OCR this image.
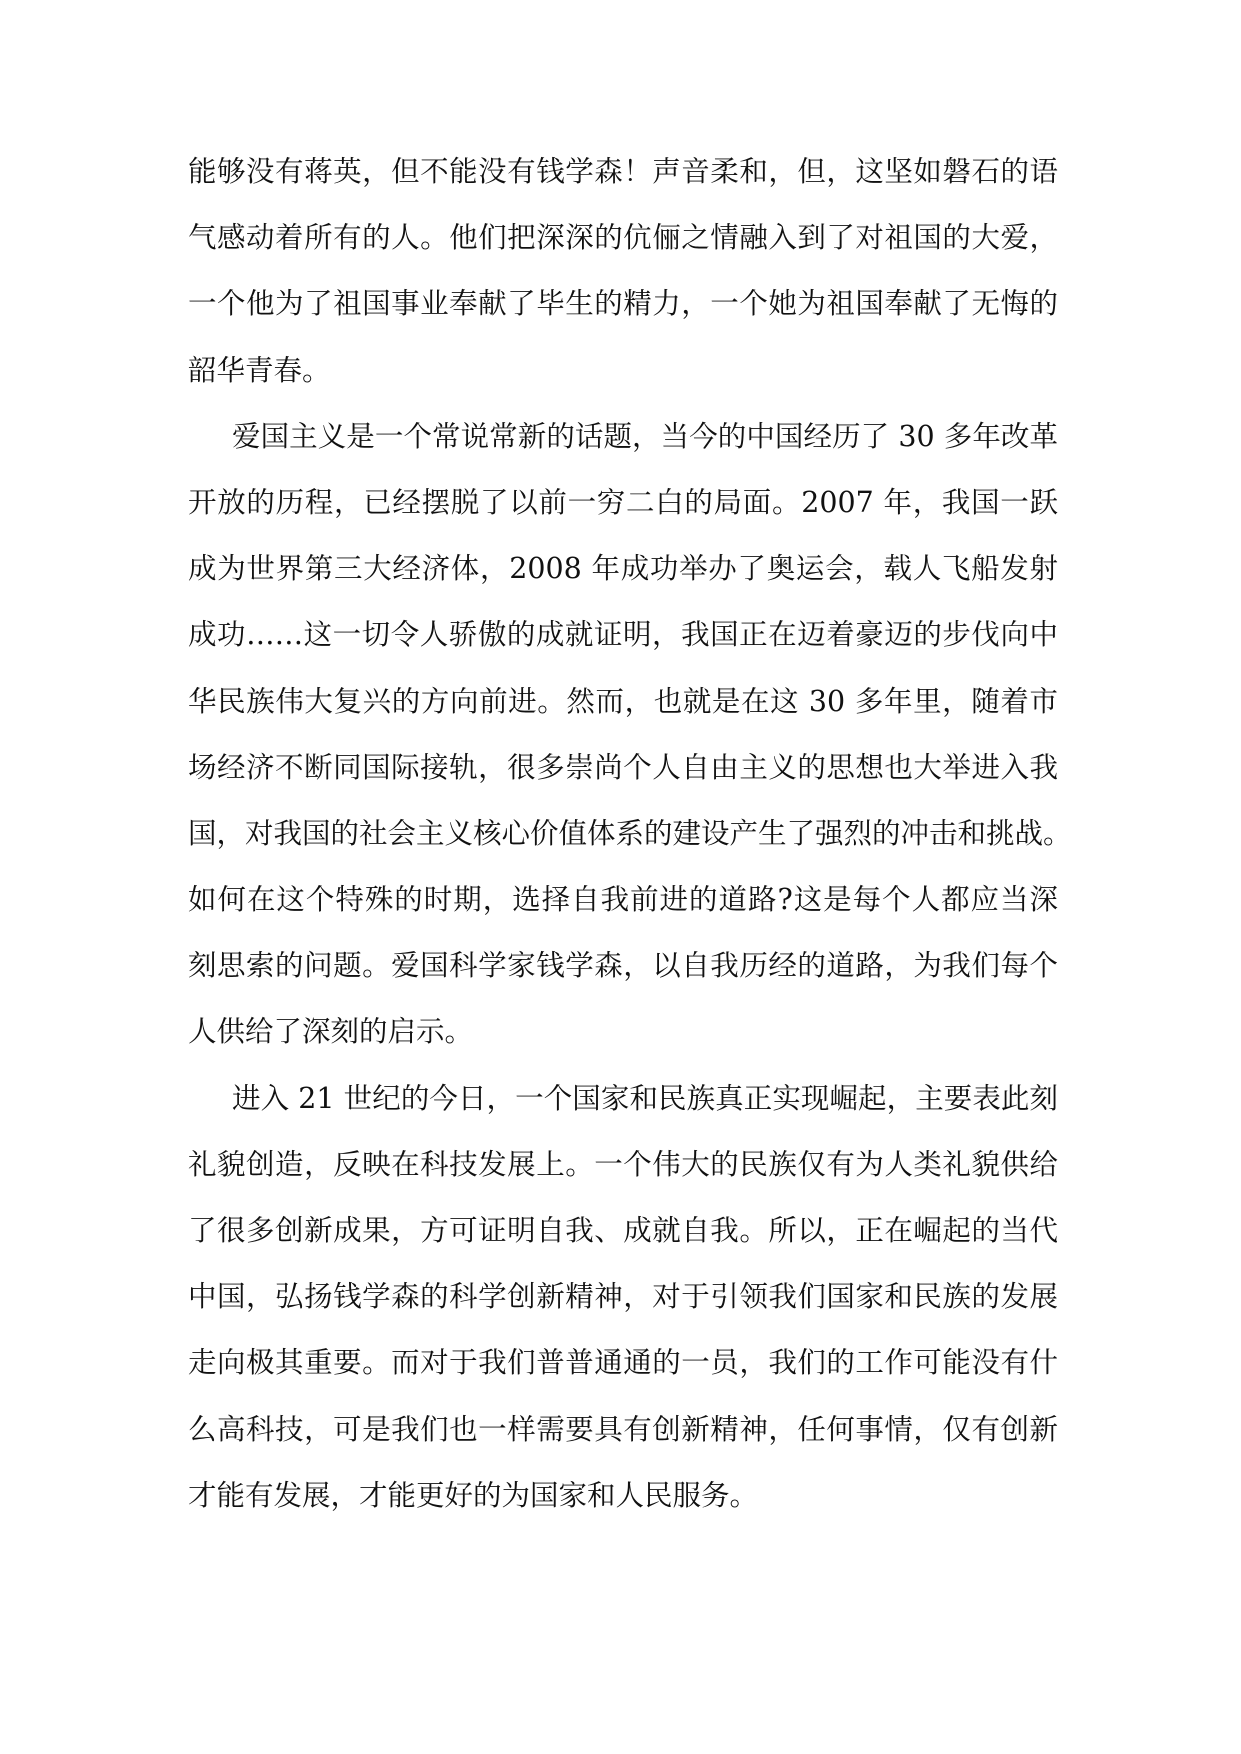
能够没有蒋英，但不能没有钱学森！声音柔和，但，这坚如磐石的语
气感动着所有的人。他们把深深的伉俪之情融入到了对祖国的大爱，
一个他为了祖国事业奉献了毕生的精力，一个她为祖国奉献了无悔的
韶华青春。
爱国主义是一个常说常新的话题，当今的中国经历了 30 多年改革
开放的历程，已经摆脱了以前一穷二白的局面。2007 年，我国一跃
成为世界第三大经济体，2008 年成功举办了奥运会，载人飞船发射
成功……这一切令人骄傲的成就证明，我国正在迈着豪迈的步伐向中
华民族伟大复兴的方向前进。然而，也就是在这 30 多年里，随着市
场经济不断同国际接轨，很多崇尚个人自由主义的思想也大举进入我
国，对我国的社会主义核心价值体系的建设产生了强烈的冲击和挑战。
如何在这个特殊的时期，选择自我前进的道路?这是每个人都应当深
刻思索的问题。爱国科学家钱学森，以自我历经的道路，为我们每个
人供给了深刻的启示。
进入 21 世纪的今日，一个国家和民族真正实现崛起，主要表此刻
礼貌创造，反映在科技发展上。一个伟大的民族仅有为人类礼貌供给
了很多创新成果，方可证明自我、成就自我。所以，正在崛起的当代
中国，弘扬钱学森的科学创新精神，对于引领我们国家和民族的发展
走向极其重要。而对于我们普普通通的一员，我们的工作可能没有什
么高科技，可是我们也一样需要具有创新精神，任何事情，仅有创新
才能有发展，才能更好的为国家和人民服务。
